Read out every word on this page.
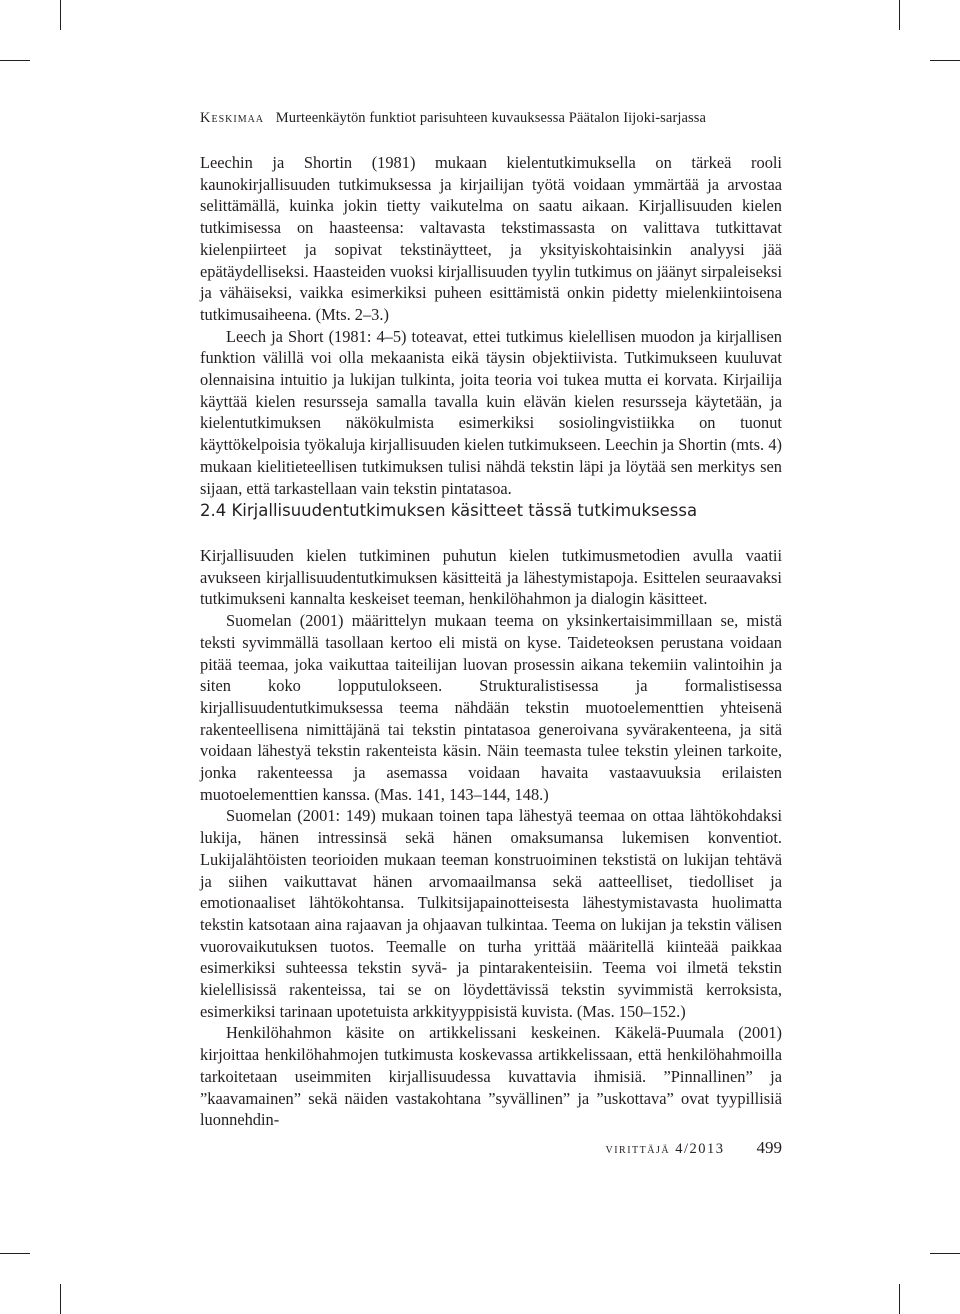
Keskimaa Murteenkäytön funktiot parisuhteen kuvauksessa Päätalon Iijoki-sarjassa

Leechin ja Shortin (1981) mukaan kielentutkimuksella on tärkeä rooli kaunokirjallisuuden tutkimuksessa ja kirjailijan työtä voidaan ymmärtää ja arvostaa selittämällä, kuinka jokin tietty vaikutelma on saatu aikaan. Kirjallisuuden kielen tutkimisessa on haasteensa: valtavasta tekstimassasta on valittava tutkittavat kielenpiirteet ja sopivat tekstinäytteet, ja yksityiskohtaisinkin analyysi jää epätäydelliseksi. Haasteiden vuoksi kirjallisuuden tyylin tutkimus on jäänyt sirpaleiseksi ja vähäiseksi, vaikka esimerkiksi puheen esittämistä onkin pidetty mielenkiintoisena tutkimusaiheena. (Mts. 2–3.)

Leech ja Short (1981: 4–5) toteavat, ettei tutkimus kielellisen muodon ja kirjallisen funktion välillä voi olla mekaanista eikä täysin objektiivista. Tutkimukseen kuuluvat olennaisina intuitio ja lukijan tulkinta, joita teoria voi tukea mutta ei korvata. Kirjailija käyttää kielen resursseja samalla tavalla kuin elävän kielen resursseja käytetään, ja kielentutkimuksen näkökulmista esimerkiksi sosiolingvistiikka on tuonut käyttökelpoisia työkaluja kirjallisuuden kielen tutkimukseen. Leechin ja Shortin (mts. 4) mukaan kielitieteellisen tutkimuksen tulisi nähdä tekstin läpi ja löytää sen merkitys sen sijaan, että tarkastellaan vain tekstin pintatasoa.

2.4 Kirjallisuudentutkimuksen käsitteet tässä tutkimuksessa

Kirjallisuuden kielen tutkiminen puhutun kielen tutkimusmetodien avulla vaatii avukseen kirjallisuudentutkimuksen käsitteitä ja lähestymistapoja. Esittelen seuraavaksi tutkimukseni kannalta keskeiset teeman, henkilöhahmon ja dialogin käsitteet.

Suomelan (2001) määrittelyn mukaan teema on yksinkertaisimmillaan se, mistä teksti syvimmällä tasollaan kertoo eli mistä on kyse. Taideteoksen perustana voidaan pitää teemaa, joka vaikuttaa taiteilijan luovan prosessin aikana tekemiin valintoihin ja siten koko lopputulokseen. Strukturalistisessa ja formalistisessa kirjallisuudentutkimuksessa teema nähdään tekstin muotoelementtien yhteisenä rakenteellisena nimittäjänä tai tekstin pintatasoa generoivana syvärakenteena, ja sitä voidaan lähestyä tekstin rakenteista käsin. Näin teemasta tulee tekstin yleinen tarkoite, jonka rakenteessa ja asemassa voidaan havaita vastaavuuksia erilaisten muotoelementtien kanssa. (Mas. 141, 143–144, 148.)

Suomelan (2001: 149) mukaan toinen tapa lähestyä teemaa on ottaa lähtökohdaksi lukija, hänen intressinsä sekä hänen omaksumansa lukemisen konventiot. Lukijalähtöisten teorioiden mukaan teeman konstruoiminen tekstistä on lukijan tehtävä ja siihen vaikuttavat hänen arvomaailmansa sekä aatteelliset, tiedolliset ja emotionaaliset lähtökohtansa. Tulkitsijapainotteisesta lähestymistavasta huolimatta tekstin katsotaan aina rajaavan ja ohjaavan tulkintaa. Teema on lukijan ja tekstin välisen vuorovaikutuksen tuotos. Teemalle on turha yrittää määritellä kiinteää paikkaa esimerkiksi suhteessa tekstin syvä- ja pintarakenteisiin. Teema voi ilmetä tekstin kielellisissä rakenteissa, tai se on löydettävissä tekstin syvimmistä kerroksista, esimerkiksi tarinaan upotetuista arkkityyppisistä kuvista. (Mas. 150–152.)

Henkilöhahmon käsite on artikkelissani keskeinen. Käkelä-Puumala (2001) kirjoittaa henkilöhahmojen tutkimusta koskevassa artikkelissaan, että henkilöhahmoilla tarkoitetaan useimmiten kirjallisuudessa kuvattavia ihmisiä. ”Pinnallinen” ja ”kaavamainen” sekä näiden vastakohtana ”syvällinen” ja ”uskottava” ovat tyypillisiä luonnehdin-

virittäjä 4/2013 499
